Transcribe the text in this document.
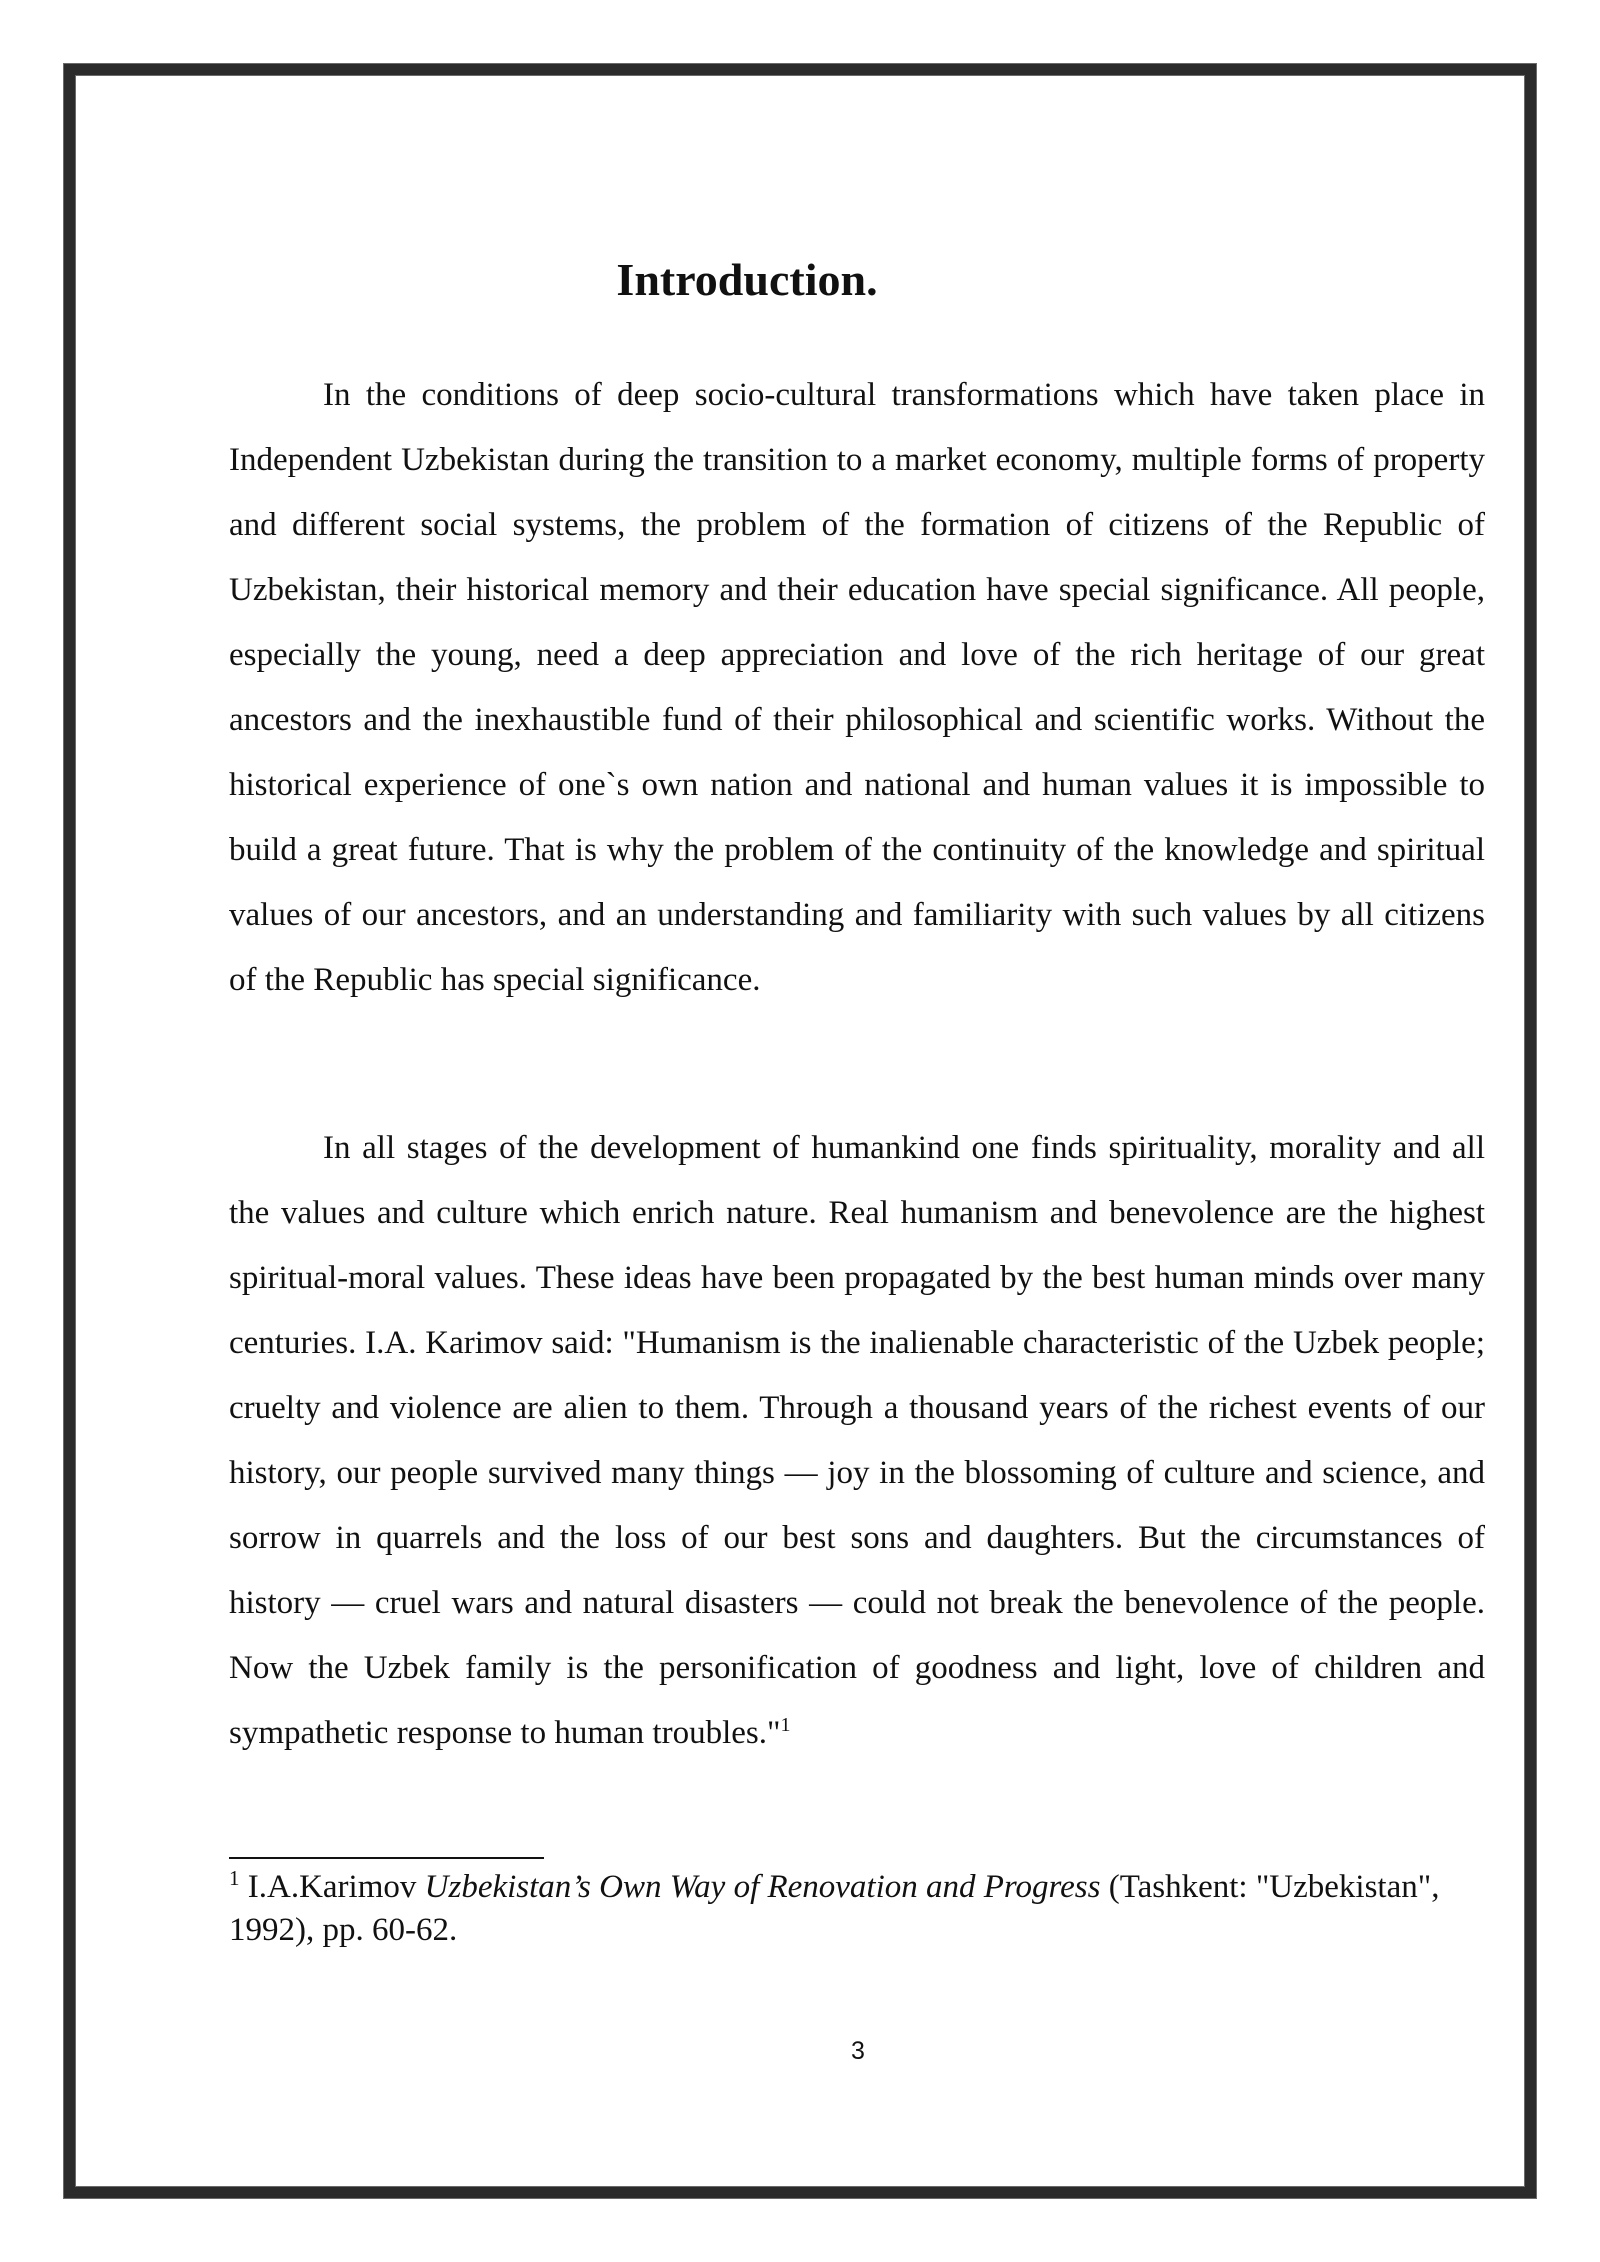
Introduction.

In the conditions of deep socio-cultural transformations which have taken place in Independent Uzbekistan during the transition to a market economy, multiple forms of property and different social systems, the problem of the formation of citizens of the Republic of Uzbekistan, their historical memory and their education have special significance. All people, especially the young, need a deep appreciation and love of the rich heritage of our great ancestors and the inexhaustible fund of their philosophical and scientific works. Without the historical experience of one`s own nation and national and human values it is impossible to build a great future. That is why the problem of the continuity of the knowledge and spiritual values of our ancestors, and an understanding and familiarity with such values by all citizens of the Republic has special significance.

In all stages of the development of humankind one finds spirituality, morality and all the values and culture which enrich nature. Real humanism and benevolence are the highest spiritual-moral values. These ideas have been propagated by the best human minds over many centuries. I.A. Karimov said: "Humanism is the inalienable characteristic of the Uzbek people; cruelty and violence are alien to them. Through a thousand years of the richest events of our history, our people survived many things — joy in the blossoming of culture and science, and sorrow in quarrels and the loss of our best sons and daughters. But the circumstances of history — cruel wars and natural disasters — could not break the benevolence of the people. Now the Uzbek family is the personification of goodness and light, love of children and sympathetic response to human troubles."$^1$

$^1$ I.A.Karimov Uzbekistan’s Own Way of Renovation and Progress (Tashkent: "Uzbekistan", 1992), pp. 60-62.

3
